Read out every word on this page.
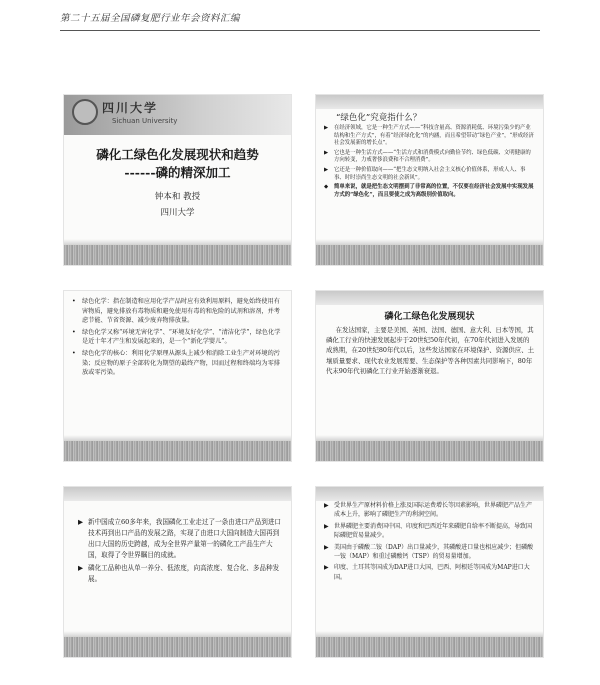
第二十五届全国磷复肥行业年会资料汇编
四川大学
Sichuan University
磷化工绿色化发展现状和趋势
------磷的精深加工
钟本和 教授
四川大学
“绿色化”究竟指什么？
▶ 在经济领域，它是一种生产方式——“科技含量高、资源消耗低、环境污染少的产业结构和生产方式”，有着“经济绿化化”的内涵，而且希望带动“绿色产业”，“形成经济社会发展新的增长点”。
▶ 它也是一种生活方式——“生活方式和消费模式向勤俭节约、绿色低碳、文明健康的方向转变，力戒奢侈浪费和不合理消费”。
▶ 它还是一种价值取向——“把生态文明纳入社会主义核心价值体系，形成人人、事事、时时崇尚生态文明的社会新风”。
◆ 简单来说，就是把生态文明摆到了非常高的位置，不仅要在经济社会发展中实现发展方式的“绿色化”，而且要使之成为高级别价值取向。
• 绿色化学：指在制造和应用化学产品时应有效利用原料，避免始终使用有害物质，避免排放有毒物质和避免使用有毒的和危险的试剂和溶剂，并考虑节能、节省资源、减少废弃物排放量。
• 绿色化学又称“环境无害化学”、“环境友好化学”、“清洁化学”，绿色化学是近十年才产生和发展起来的，是一个“新化学婴儿”。
• 绿色化学的核心：利用化学原理从源头上减少和消除工业生产对环境的污染；反应物的原子全部转化为期望的最终产物，因而过程和终端均为零排放或零污染。
磷化工绿色化发展现状

在发达国家，主要是美国、英国、法国、德国、意大利、日本等国，其磷化工行业的快速发展起步于20世纪50年代初，在70年代初进入发展的成熟期，在20世纪80年代以后，这些发达国家在环境保护、资源供应、土壤质量要求、现代农业发展需要、生态保护等各种因素共同影响下，80年代末90年代初磷化工行业开始逐渐衰退。

▶ 新中国成立60多年来，我国磷化工业走过了一条由进口产品到进口技术再到出口产品的发展之路，实现了由进口大国向制造大国再到出口大国的历史跨越，成为全世界产量第一的磷化工产品生产大国，取得了令世界瞩目的成就。
▶ 磷化工品种也从单一养分、低浓度，向高浓度、复合化、多品种发展。
▶ 受世界生产原材料价格上涨及国际运费增长等因素影响，世界磷肥产品生产成本上升，影响了磷肥生产的利润空间。
▶ 世界磷肥主要消费国中国、印度和巴西近年来磷肥自给率不断提高，导致国际磷肥贸易量减少。
▶ 美国由于磷酸二铵（DAP）出口量减少，其磷酸进口量也相应减少；但磷酸一铵（MAP）和重过磷酸钙（TSP）的贸易量增加。
▶ 印度、土耳其等国成为DAP进口大国，巴西、阿根廷等国成为MAP进口大国。
